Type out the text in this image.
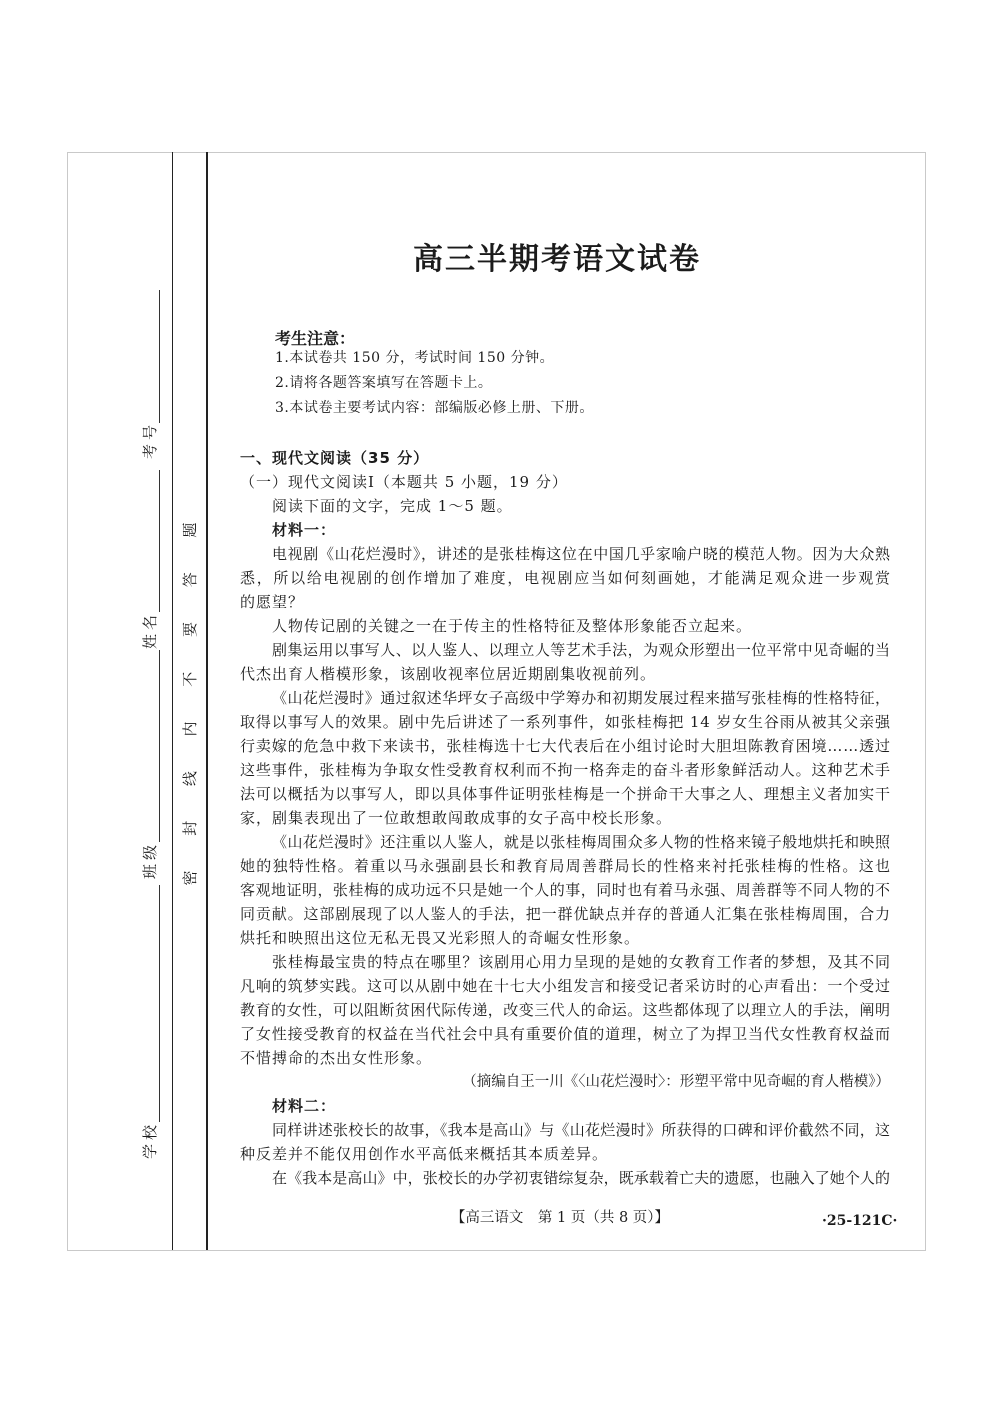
考号
姓名
班级
学校
密
封
线
内
不
要
答
题
高三半期考语文试卷
考生注意：
1.本试卷共 150 分，考试时间 150 分钟。
2.请将各题答案填写在答题卡上。
3.本试卷主要考试内容：部编版必修上册、下册。
一、现代文阅读（35 分）
（一）现代文阅读Ⅰ（本题共 5 小题，19 分）
阅读下面的文字，完成 1～5 题。
材料一：
电视剧《山花烂漫时》，讲述的是张桂梅这位在中国几乎家喻户晓的模范人物。因为大众熟
悉，所以给电视剧的创作增加了难度，电视剧应当如何刻画她，才能满足观众进一步观赏
的愿望？
人物传记剧的关键之一在于传主的性格特征及整体形象能否立起来。
剧集运用以事写人、以人鉴人、以理立人等艺术手法，为观众形塑出一位平常中见奇崛的当
代杰出育人楷模形象，该剧收视率位居近期剧集收视前列。
《山花烂漫时》通过叙述华坪女子高级中学筹办和初期发展过程来描写张桂梅的性格特征，
取得以事写人的效果。剧中先后讲述了一系列事件，如张桂梅把 14 岁女生谷雨从被其父亲强
行卖嫁的危急中救下来读书，张桂梅选十七大代表后在小组讨论时大胆坦陈教育困境……透过
这些事件，张桂梅为争取女性受教育权利而不拘一格奔走的奋斗者形象鲜活动人。这种艺术手
法可以概括为以事写人，即以具体事件证明张桂梅是一个拼命干大事之人、理想主义者加实干
家，剧集表现出了一位敢想敢闯敢成事的女子高中校长形象。
《山花烂漫时》还注重以人鉴人，就是以张桂梅周围众多人物的性格来镜子般地烘托和映照
她的独特性格。着重以马永强副县长和教育局周善群局长的性格来衬托张桂梅的性格。这也
客观地证明，张桂梅的成功远不只是她一个人的事，同时也有着马永强、周善群等不同人物的不
同贡献。这部剧展现了以人鉴人的手法，把一群优缺点并存的普通人汇集在张桂梅周围，合力
烘托和映照出这位无私无畏又光彩照人的奇崛女性形象。
张桂梅最宝贵的特点在哪里？该剧用心用力呈现的是她的女教育工作者的梦想，及其不同
凡响的筑梦实践。这可以从剧中她在十七大小组发言和接受记者采访时的心声看出：一个受过
教育的女性，可以阻断贫困代际传递，改变三代人的命运。这些都体现了以理立人的手法，阐明
了女性接受教育的权益在当代社会中具有重要价值的道理，树立了为捍卫当代女性教育权益而
不惜搏命的杰出女性形象。
（摘编自王一川《〈山花烂漫时〉：形塑平常中见奇崛的育人楷模》）
材料二：
同样讲述张校长的故事，《我本是高山》与《山花烂漫时》所获得的口碑和评价截然不同，这
种反差并不能仅用创作水平高低来概括其本质差异。
在《我本是高山》中，张校长的办学初衷错综复杂，既承载着亡夫的遗愿，也融入了她个人的
【高三语文　第 1 页（共 8 页）】	·25-121C·
